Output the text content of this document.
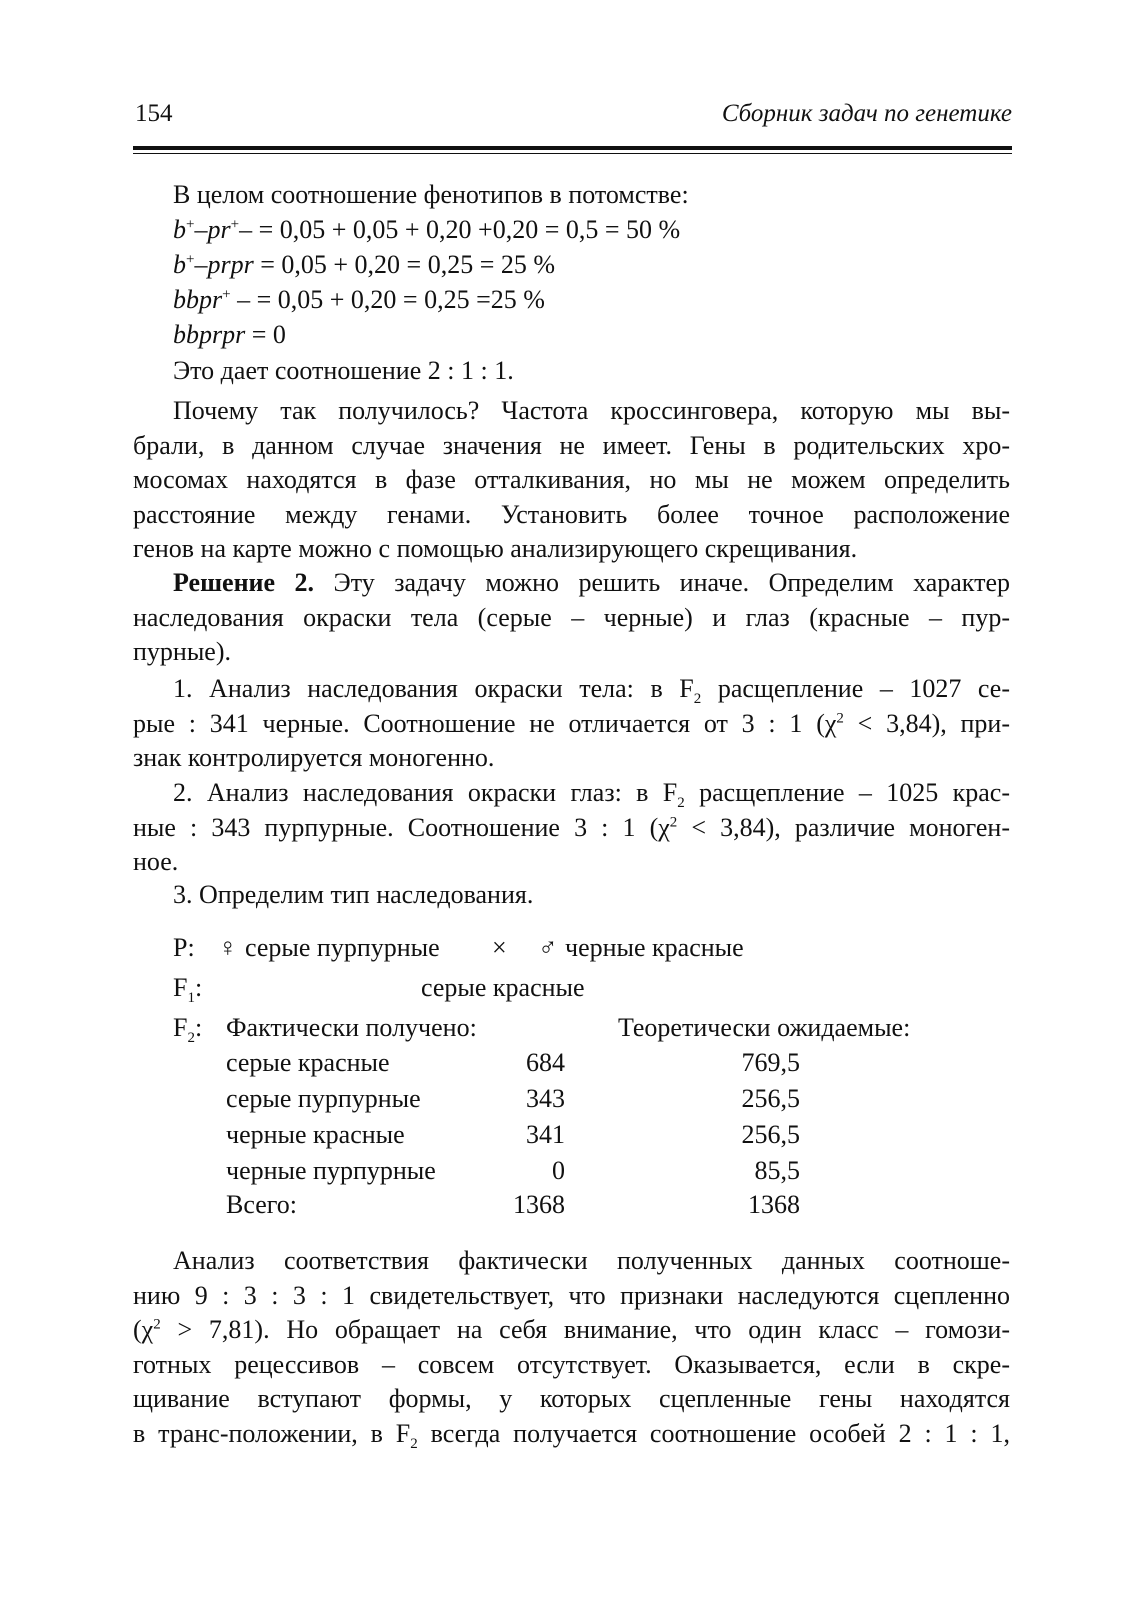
154	Сборник задач по генетике
В целом соотношение фенотипов в потомстве:
b+–pr+– = 0,05 + 0,05 + 0,20 +0,20 = 0,5 = 50 %
b+–prpr = 0,05 + 0,20 = 0,25 = 25 %
bbpr+ – = 0,05 + 0,20 = 0,25 =25 %
bbprpr = 0
Это дает соотношение 2 : 1 : 1.
Почему так получилось? Частота кроссинговера, которую мы вы-
брали, в данном случае значения не имеет. Гены в родительских хро-
мосомах находятся в фазе отталкивания, но мы не можем определить
расстояние между генами. Установить более точное расположение
генов на карте можно с помощью анализирующего скрещивания.
Решение 2. Эту задачу можно решить иначе. Определим характер
наследования окраски тела (серые – черные) и глаз (красные – пур-
пурные).
1. Анализ наследования окраски тела: в $F_2$ расщепление – 1027 се-
рые : 341 черные. Соотношение не отличается от 3 : 1 $(\chi^2 < 3,84)$, при-
знак контролируется моногенно.
2. Анализ наследования окраски глаз: в $F_2$ расщепление – 1025 крас-
ные : 343 пурпурные. Соотношение 3 : 1 $(\chi^2 < 3,84)$, различие моноген-
ное.
3. Определим тип наследования.
P: ♀ серые пурпурные × ♂ черные красные
$F_1$:	серые красные
$F_2$: Фактически получено:	Теоретически ожидаемые:
серые красные	684	769,5
серые пурпурные	343	256,5
черные красные	341	256,5
черные пурпурные	0	85,5
Всего:	1368	1368
Анализ соответствия фактически полученных данных соотноше-
нию 9 : 3 : 3 : 1 свидетельствует, что признаки наследуются сцепленно
$(\chi^2 > 7,81)$. Но обращает на себя внимание, что один класс – гомози-
готных рецессивов – совсем отсутствует. Оказывается, если в скре-
щивание вступают формы, у которых сцепленные гены находятся
в транс-положении, в $F_2$ всегда получается соотношение особей 2 : 1 : 1,
